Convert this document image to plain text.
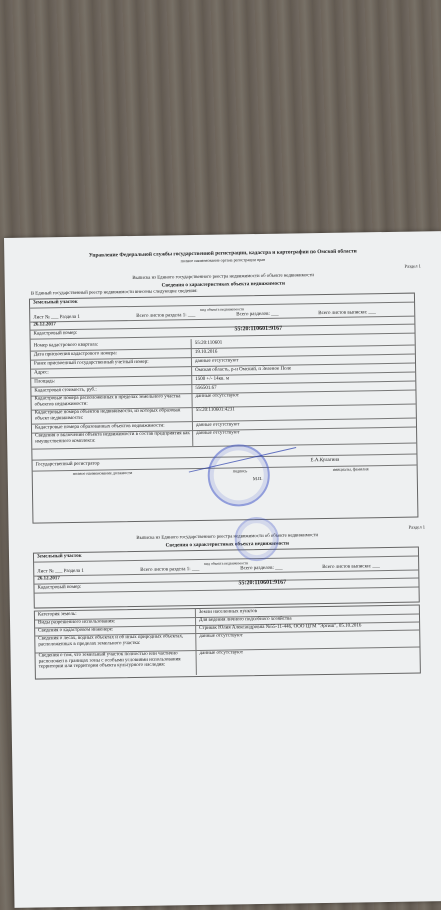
Управление Федеральной службы государственной регистрации, кадастра и картографии по Омской области
полное наименование органа регистрации прав
Раздел 1
Выписка из Единого государственного реестра недвижимости об объекте недвижимости
Сведения о характеристиках объекта недвижимости
В Единый государственный реестр недвижимости внесены следующие сведения:
Земельный участок
вид объекта недвижимости
Лист № ___ Раздела 1	Всего листов раздела 1: ___	Всего разделов: ___	Всего листов выписки: ___
26.12.2017
Кадастровый номер:
55:20:110601:9167
Номер кадастрового квартала:	55:20:110601
Дата присвоения кадастрового номера:	19.10.2016
Ранее присвоенный государственный учетный номер:	данные отсутствуют
Адрес:	Омская область, р-н Омский, п Зеленое Поле
Площадь:	1500 +/- 14кв. м
Кадастровая стоимость, руб.:	556501.67
Кадастровые номера расположенных в пределах земельного участка объектов недвижимости:
данные отсутствуют
Кадастровые номера объектов недвижимости, из которых образован объект недвижимости:
55:20:110601:4231
Кадастровые номера образованных объектов недвижимости:	данные отсутствуют
Сведения о включении объекта недвижимости в состав предприятия как имущественного комплекса:
данные отсутствуют
Государственный регистратор
Е.А.Кулагина
полное наименование должности	подпись	инициалы, фамилия
М.П.
Раздел 1
Выписка из Единого государственного реестра недвижимости об объекте недвижимости
Сведения о характеристиках объекта недвижимости
Земельный участок
вид объекта недвижимости
Лист № ___ Раздела 1	Всего листов раздела 1: ___	Всего разделов: ___	Всего листов выписки: ___
26.12.2017
Кадастровый номер:
55:20:110601:9167
Категория земель:	Земли населенных пунктов
Виды разрешенного использования:	Для ведения личного подсобного хозяйства
Сведения о кадастровом инженере:	Стрикак Юлия Александровна №55-11-446, ООО ЦГМ "Эртиш", 05.10.2016
Сведения о лесах, водных объектах и об иных природных объектах, расположенных в пределах земельного участка:
данные отсутствуют
Сведения о том, что земельный участок полностью или частично расположен в границах зоны с особыми условиями использования территории или территории объекта культурного наследия:
данные отсутствуют
